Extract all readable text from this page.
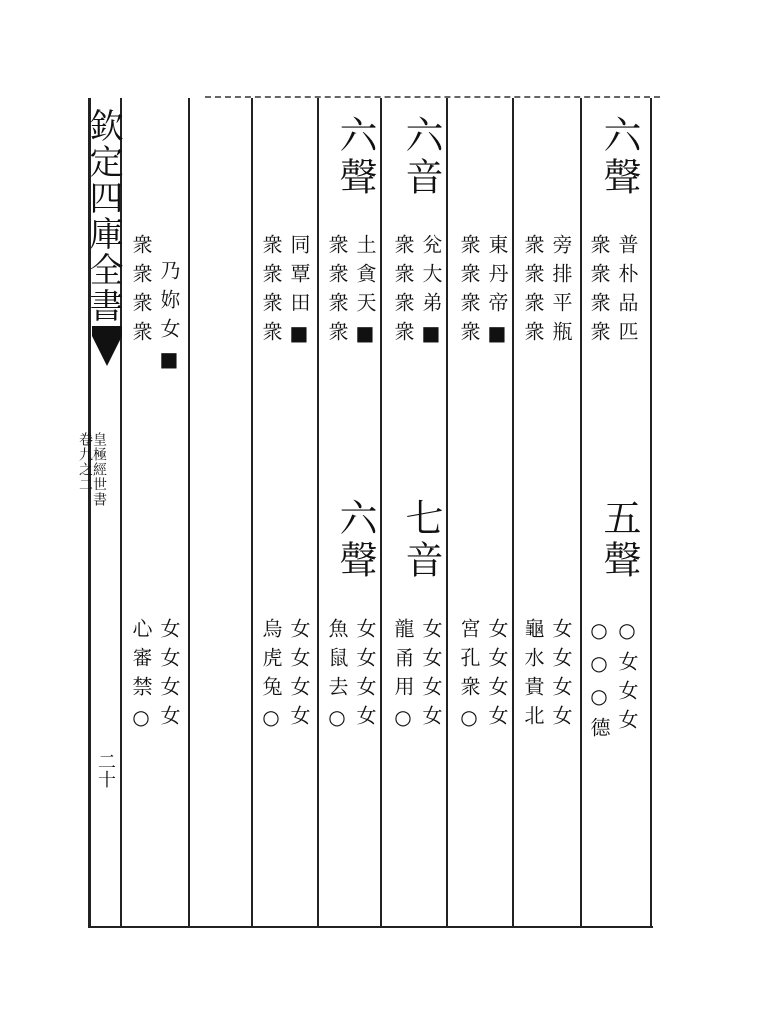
欽定四庫全書
皇極經世書
卷九之二
二十
六聲
普朴品匹
衆衆衆衆
五聲
○女女女
○○○德
旁排平瓶
衆衆衆衆
女女女女
龜水貴北
東丹帝■
衆衆衆衆
女女女女
宮孔衆○
六音
兊大弟■
衆衆衆衆
七音
女女女女
龍甬用○
六聲
土貪天■
衆衆衆衆
六聲
女女女女
魚鼠去○
同覃田■
衆衆衆衆
女女女女
烏虎兔○
乃妳女■
衆衆衆衆
女女女女
心審禁○
